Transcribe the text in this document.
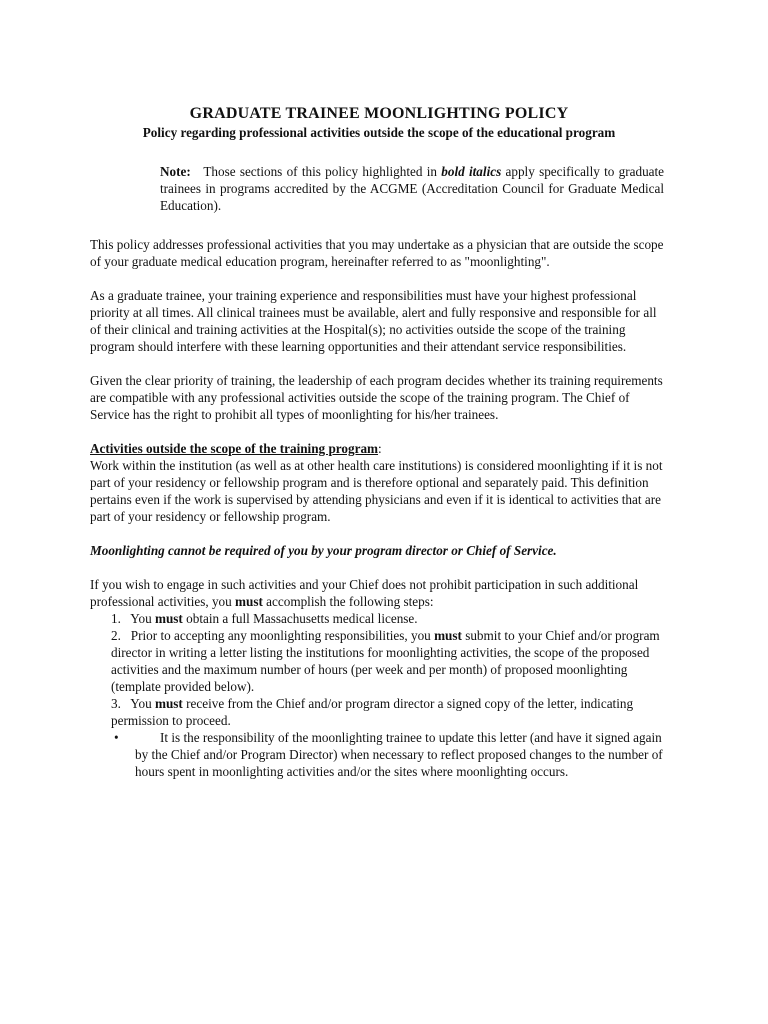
GRADUATE TRAINEE MOONLIGHTING POLICY
Policy regarding professional activities outside the scope of the educational program
Note: Those sections of this policy highlighted in bold italics apply specifically to graduate trainees in programs accredited by the ACGME (Accreditation Council for Graduate Medical Education).

This policy addresses professional activities that you may undertake as a physician that are outside the scope of your graduate medical education program, hereinafter referred to as "moonlighting".

As a graduate trainee, your training experience and responsibilities must have your highest professional priority at all times. All clinical trainees must be available, alert and fully responsive and responsible for all of their clinical and training activities at the Hospital(s); no activities outside the scope of the training program should interfere with these learning opportunities and their attendant service responsibilities.

Given the clear priority of training, the leadership of each program decides whether its training requirements are compatible with any professional activities outside the scope of the training program. The Chief of Service has the right to prohibit all types of moonlighting for his/her trainees.

Activities outside the scope of the training program:

Work within the institution (as well as at other health care institutions) is considered moonlighting if it is not part of your residency or fellowship program and is therefore optional and separately paid. This definition pertains even if the work is supervised by attending physicians and even if it is identical to activities that are part of your residency or fellowship program.

Moonlighting cannot be required of you by your program director or Chief of Service.

If you wish to engage in such activities and your Chief does not prohibit participation in such additional professional activities, you must accomplish the following steps:

1. You must obtain a full Massachusetts medical license.
2. Prior to accepting any moonlighting responsibilities, you must submit to your Chief and/or program director in writing a letter listing the institutions for moonlighting activities, the scope of the proposed activities and the maximum number of hours (per week and per month) of proposed moonlighting (template provided below).
3. You must receive from the Chief and/or program director a signed copy of the letter, indicating permission to proceed.
•	It is the responsibility of the moonlighting trainee to update this letter (and have it signed again by the Chief and/or Program Director) when necessary to reflect proposed changes to the number of hours spent in moonlighting activities and/or the sites where moonlighting occurs.
